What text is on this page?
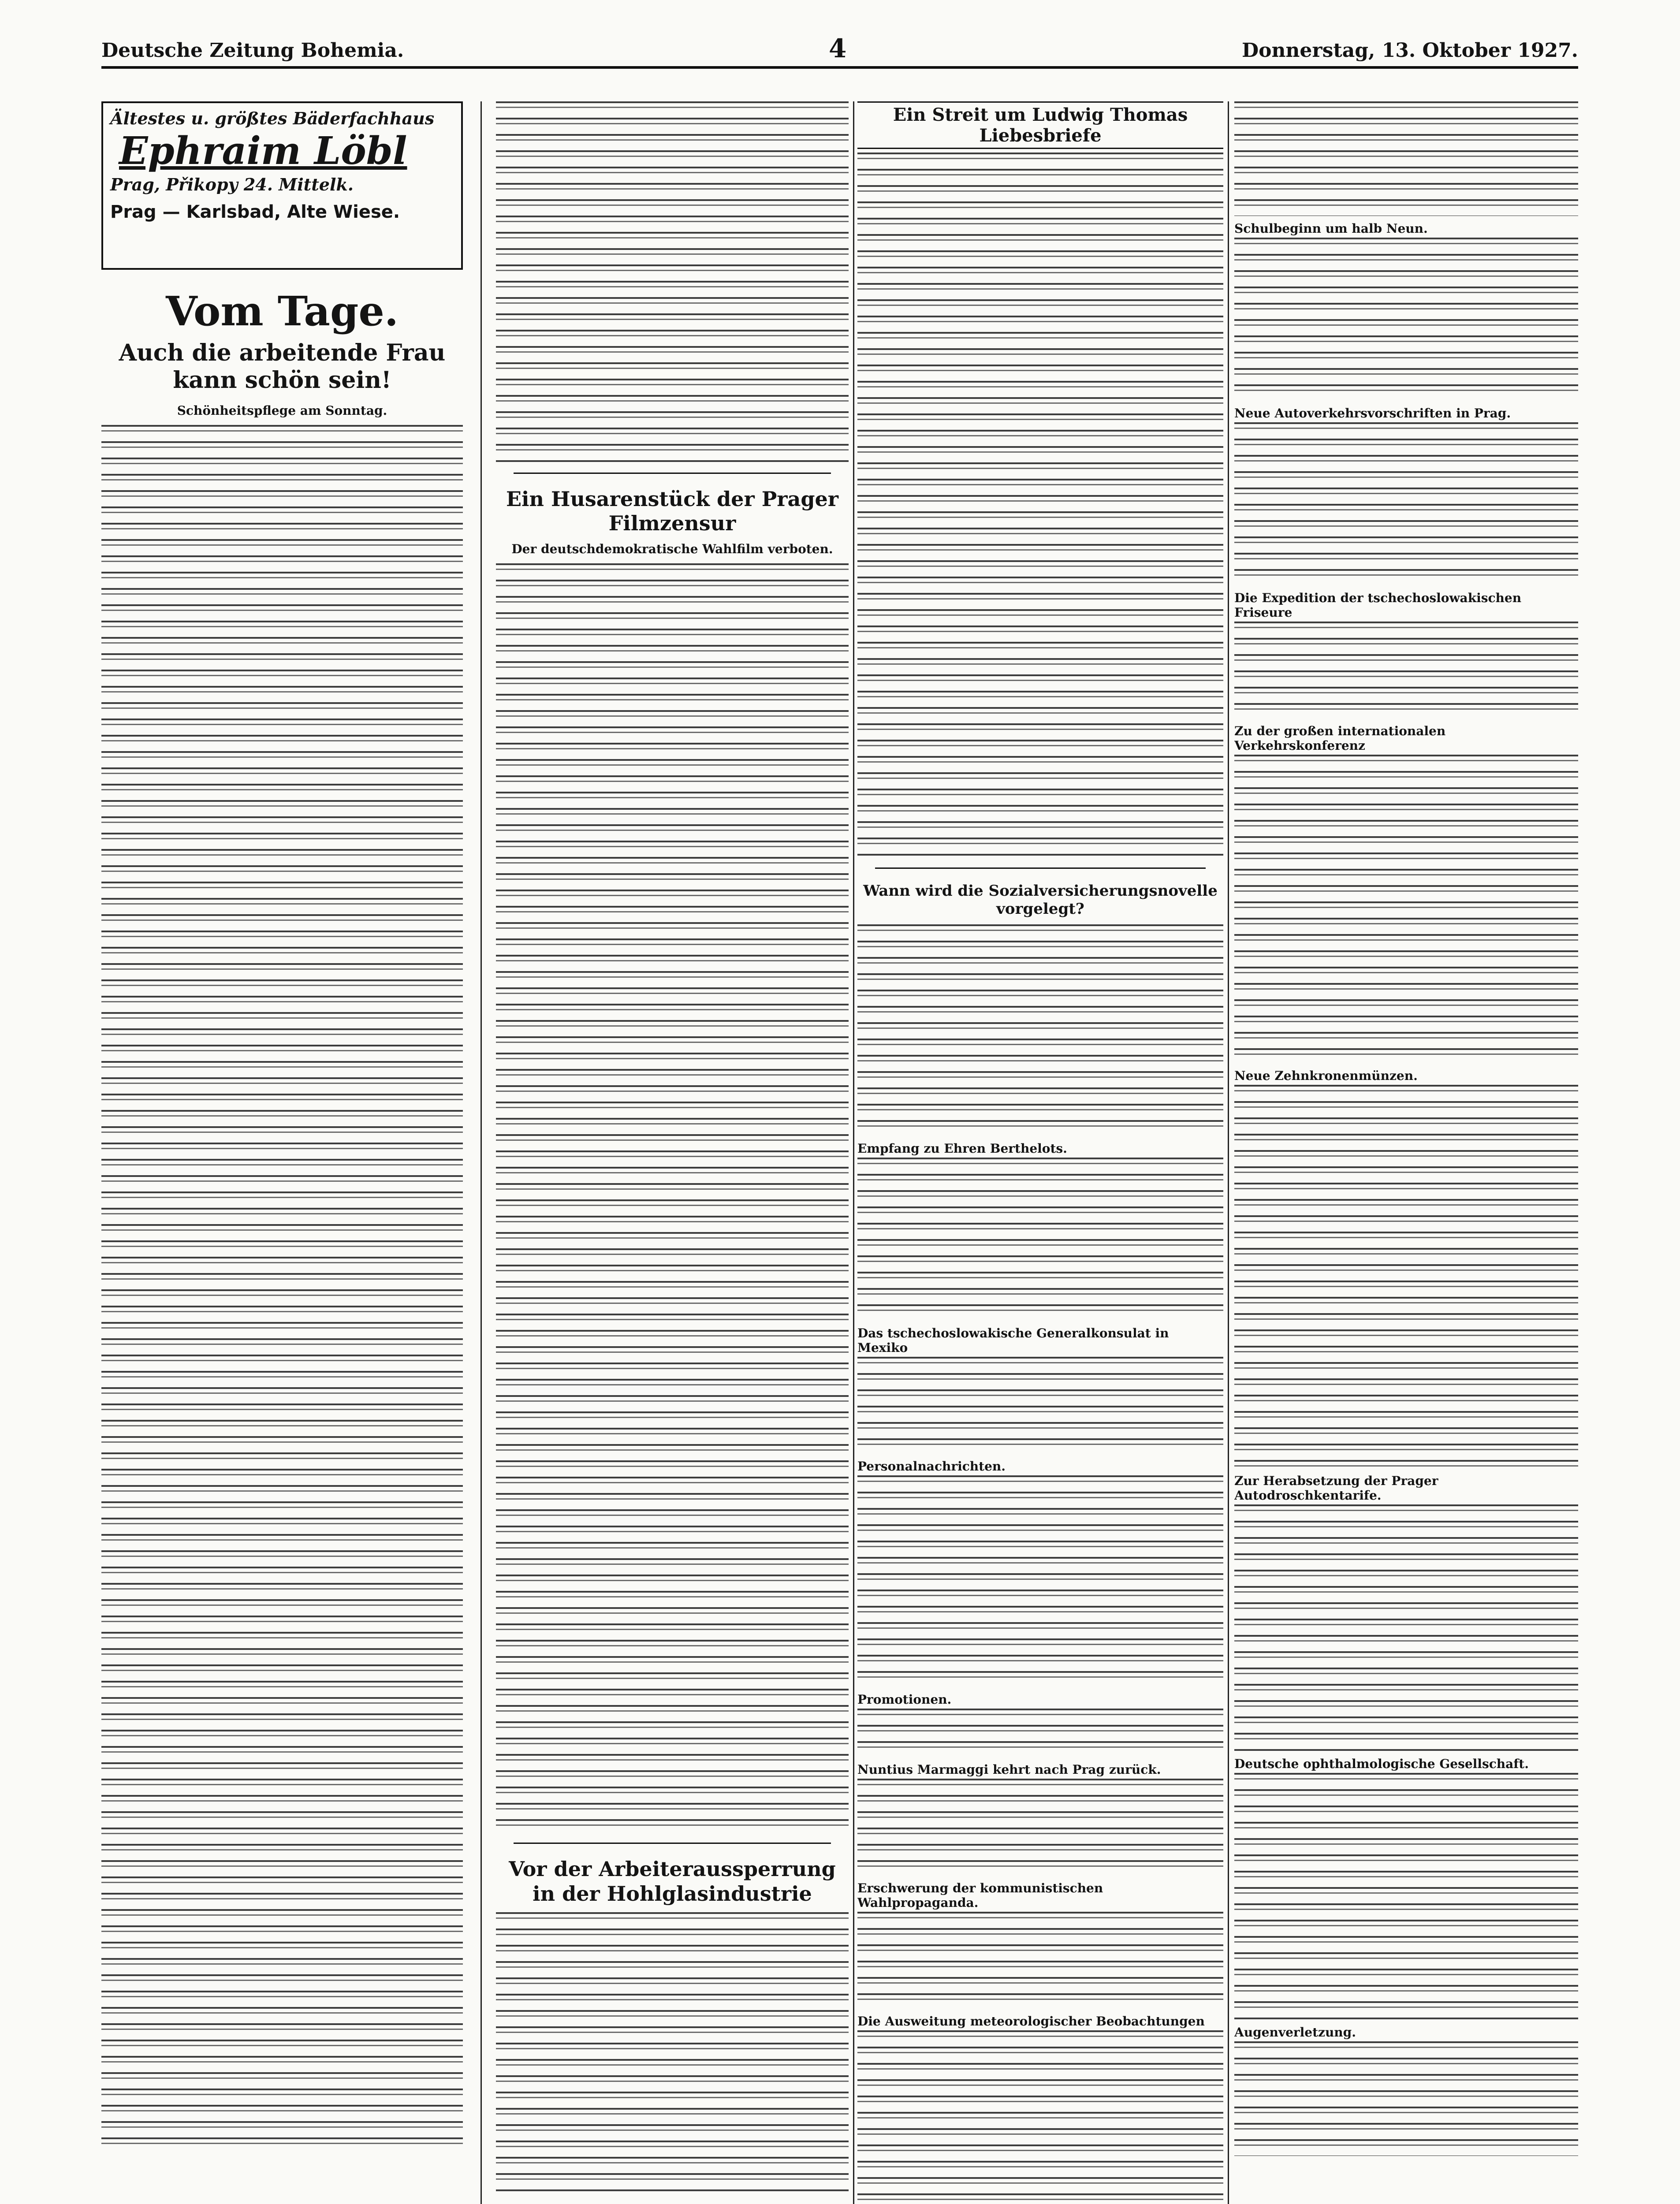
Deutsche Zeitung Bohemia.	4	Donnerstag, 13. Oktober 1927.
Ältestes u. größtes Bäderfachhaus
Ephraim Löbl
Prag, Přikopy 24. Mittelk.
Prag — Karlsbad, Alte Wiese.
Vom Tage.
Auch die arbeitende Frau kann schön sein!
Schönheitspflege am Sonntag.
Ein Husarenstück der Prager Filmzensur
Der deutschdemokratische Wahlfilm verboten.
Vor der Arbeiteraussperrung in der Hohlglasindustrie
Ein Streit um Ludwig Thomas Liebesbriefe
Wann wird die Sozialversicherungsnovelle vorgelegt?
Empfang zu Ehren Berthelots.
Das tschechoslowakische Generalkonsulat in Mexiko
Personalnachrichten.
Promotionen.
Nuntius Marmaggi kehrt nach Prag zurück.
Erschwerung der kommunistischen Wahlpropaganda.
Die Ausweitung meteorologischer Beobachtungen
Schulbeginn um halb Neun.
Neue Autoverkehrsvorschriften in Prag.
Die Expedition der tschechoslowakischen Friseure
Zu der großen internationalen Verkehrskonferenz
Neue Zehnkronenmünzen.
Zur Herabsetzung der Prager Autodroschkentarife.
Deutsche ophthalmologische Gesellschaft.
Augenverletzung.
